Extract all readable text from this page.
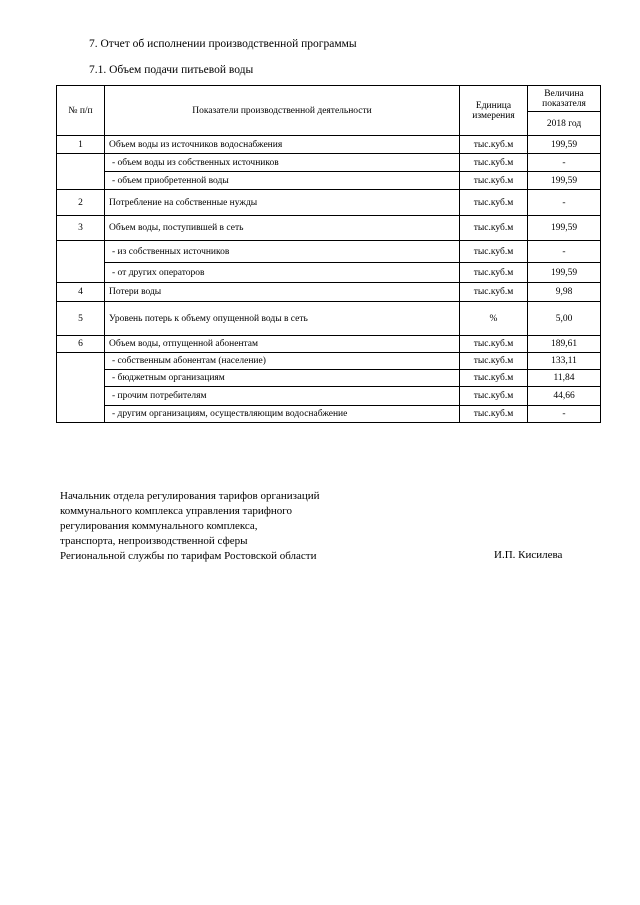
7. Отчет об исполнении производственной программы
7.1. Объем подачи питьевой воды
№ п/п	Показатели производственной деятельности	Единица измерения	Величина показателя
			2018 год
1	Объем воды из источников водоснабжения	тыс.куб.м	199,59
	- объем воды из собственных источников	тыс.куб.м	-
	- объем приобретенной воды	тыс.куб.м	199,59
2	Потребление на собственные нужды	тыс.куб.м	-
3	Объем воды, поступившей в сеть	тыс.куб.м	199,59
	- из собственных источников	тыс.куб.м	-
	- от других операторов	тыс.куб.м	199,59
4	Потери воды	тыс.куб.м	9,98
5	Уровень потерь к объему опущенной воды в сеть	%	5,00
6	Объем воды, отпущенной абонентам	тыс.куб.м	189,61
	- собственным абонентам (население)	тыс.куб.м	133,11
	- бюджетным организациям	тыс.куб.м	11,84
	- прочим потребителям	тыс.куб.м	44,66
	- другим организациям, осуществляющим водоснабжение	тыс.куб.м	-
Начальник отдела регулирования тарифов организаций
коммунального комплекса управления тарифного
регулирования коммунального комплекса,
транспорта, непроизводственной сферы
Региональной службы по тарифам Ростовской области	И.П. Кисилева
